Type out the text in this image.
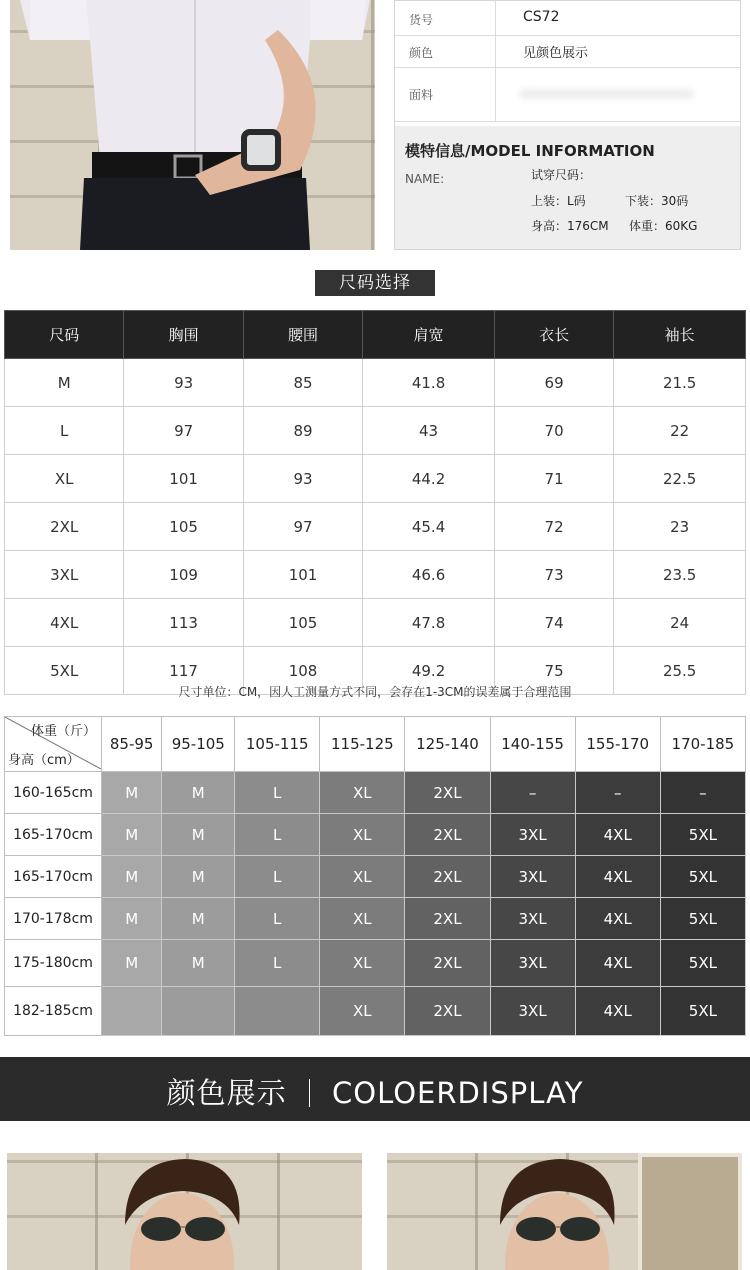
货号	CS72
颜色	见颜色展示
面料
模特信息/MODEL INFORMATION
NAME:	试穿尺码：
上装：L码	下装：30码
身高：176CM 体重：60KG
尺码选择
尺码	胸围	腰围	肩宽	衣长	袖长
M	93	85	41.8	69	21.5
L	97	89	43	70	22
XL	101	93	44.2	71	22.5
2XL	105	97	45.4	72	23
3XL	109	101	46.6	73	23.5
4XL	113	105	47.8	74	24
5XL	117	108	49.2	75	25.5
尺寸单位：CM，因人工测量方式不同，会存在1-3CM的误差属于合理范围
体重（斤）
身高（cm）	85-95	95-105	105-115	115-125	125-140	140-155	155-170	170-185
160-165cm	M	M	L	XL	2XL	–	–	–
165-170cm	M	M	L	XL	2XL	3XL	4XL	5XL
165-170cm	M	M	L	XL	2XL	3XL	4XL	5XL
170-178cm	M	M	L	XL	2XL	3XL	4XL	5XL
175-180cm	M	M	L	XL	2XL	3XL	4XL	5XL
182-185cm				XL	2XL	3XL	4XL	5XL
颜色展示 COLOERDISPLAY
